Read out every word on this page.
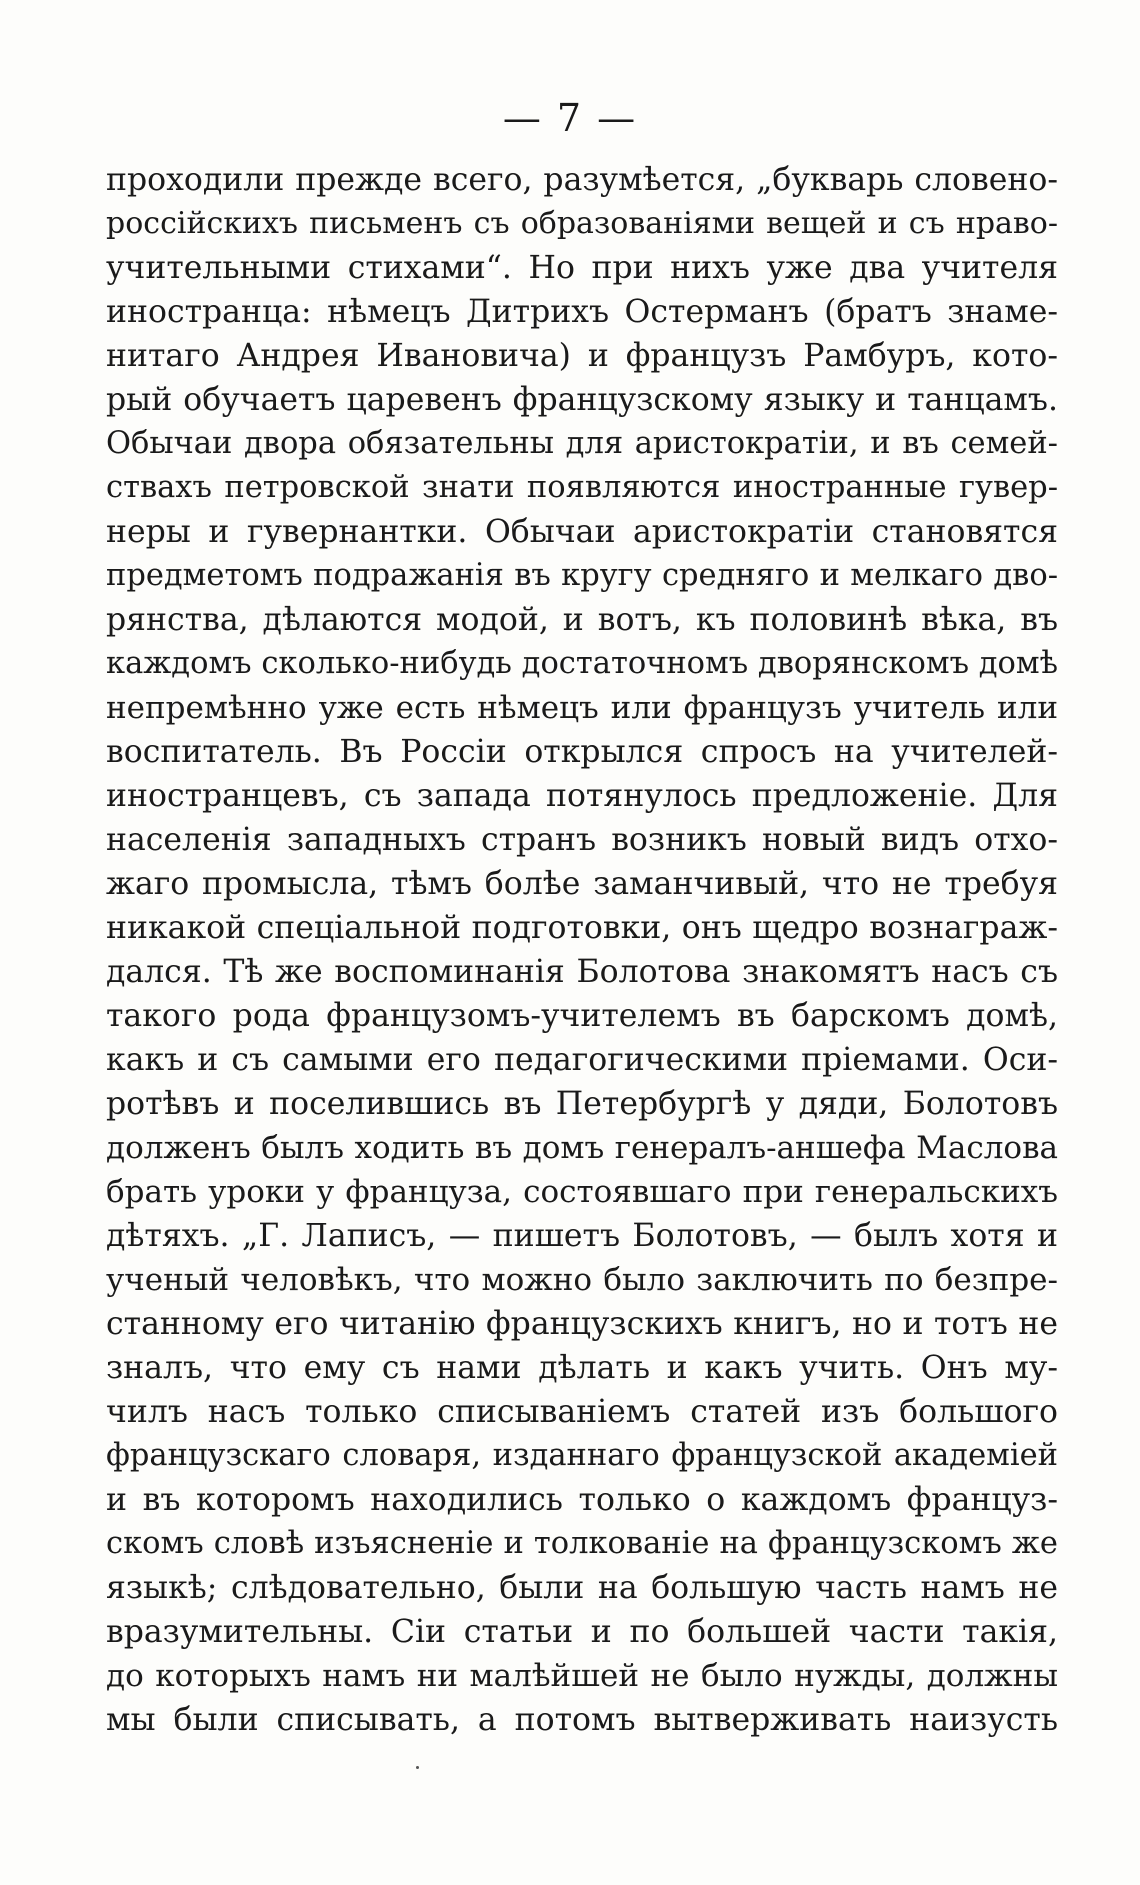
— 7 —
проходили прежде всего, разумѣется, „букварь словено-
россійскихъ письменъ съ образованіями вещей и съ нраво-
учительными стихами“. Но при нихъ уже два учителя
иностранца: нѣмецъ Дитрихъ Остерманъ (братъ знаме-
нитаго Андрея Ивановича) и французъ Рамбуръ, кото-
рый обучаетъ царевенъ французскому языку и танцамъ.
Обычаи двора обязательны для аристократіи, и въ семей-
ствахъ петровской знати появляются иностранные гувер-
неры и гувернантки. Обычаи аристократіи становятся
предметомъ подражанія въ кругу средняго и мелкаго дво-
рянства, дѣлаются модой, и вотъ, къ половинѣ вѣка, въ
каждомъ сколько-нибудь достаточномъ дворянскомъ домѣ
непремѣнно уже есть нѣмецъ или французъ учитель или
воспитатель. Въ Россіи открылся спросъ на учителей-
иностранцевъ, съ запада потянулось предложеніе. Для
населенія западныхъ странъ возникъ новый видъ отхо-
жаго промысла, тѣмъ болѣе заманчивый, что не требуя
никакой спеціальной подготовки, онъ щедро вознаграж-
дался. Тѣ же воспоминанія Болотова знакомятъ насъ съ
такого рода французомъ-учителемъ въ барскомъ домѣ,
какъ и съ самыми его педагогическими пріемами. Оси-
ротѣвъ и поселившись въ Петербургѣ у дяди, Болотовъ
долженъ былъ ходить въ домъ генералъ-аншефа Маслова
брать уроки у француза, состоявшаго при генеральскихъ
дѣтяхъ. „Г. Лаписъ, — пишетъ Болотовъ, — былъ хотя и
ученый человѣкъ, что можно было заключить по безпре-
станному его читанію французскихъ книгъ, но и тотъ не
зналъ, что ему съ нами дѣлать и какъ учить. Онъ му-
чилъ насъ только списываніемъ статей изъ большого
французскаго словаря, изданнаго французской академіей
и въ которомъ находились только о каждомъ француз-
скомъ словѣ изъясненіе и толкованіе на французскомъ же
языкѣ; слѣдовательно, были на большую часть намъ не
вразумительны. Сіи статьи и по большей части такія,
до которыхъ намъ ни малѣйшей не было нужды, должны
мы были списывать, а потомъ вытверживать наизусть
